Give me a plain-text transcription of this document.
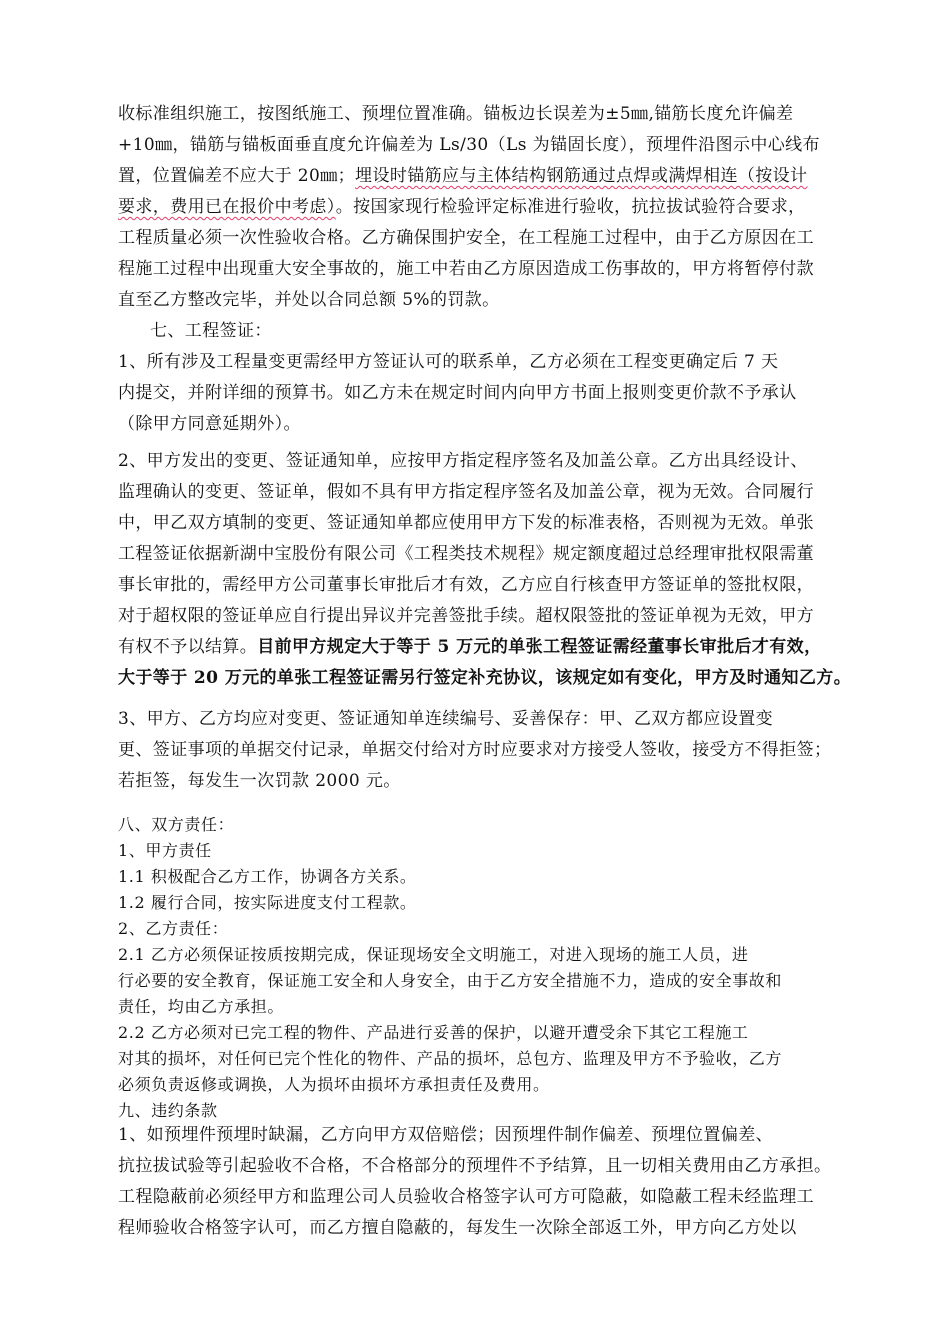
收标准组织施工，按图纸施工、预埋位置准确。锚板边长误差为±5㎜,锚筋长度允许偏差
+10㎜，锚筋与锚板面垂直度允许偏差为 Ls/30（Ls 为锚固长度），预埋件沿图示中心线布
置，位置偏差不应大于 20㎜；埋设时锚筋应与主体结构钢筋通过点焊或满焊相连（按设计
要求，费用已在报价中考虑）。按国家现行检验评定标准进行验收，抗拉拔试验符合要求，
工程质量必须一次性验收合格。乙方确保围护安全，在工程施工过程中，由于乙方原因在工
程施工过程中出现重大安全事故的，施工中若由乙方原因造成工伤事故的，甲方将暂停付款
直至乙方整改完毕，并处以合同总额 5%的罚款。
七、工程签证：
1、所有涉及工程量变更需经甲方签证认可的联系单，乙方必须在工程变更确定后 7 天
内提交，并附详细的预算书。如乙方未在规定时间内向甲方书面上报则变更价款不予承认
（除甲方同意延期外）。
2、甲方发出的变更、签证通知单，应按甲方指定程序签名及加盖公章。乙方出具经设计、
监理确认的变更、签证单，假如不具有甲方指定程序签名及加盖公章，视为无效。合同履行
中，甲乙双方填制的变更、签证通知单都应使用甲方下发的标准表格，否则视为无效。单张
工程签证依据新湖中宝股份有限公司《工程类技术规程》规定额度超过总经理审批权限需董
事长审批的，需经甲方公司董事长审批后才有效，乙方应自行核查甲方签证单的签批权限，
对于超权限的签证单应自行提出异议并完善签批手续。超权限签批的签证单视为无效，甲方
有权不予以结算。目前甲方规定大于等于 5 万元的单张工程签证需经董事长审批后才有效，
大于等于 20 万元的单张工程签证需另行签定补充协议，该规定如有变化，甲方及时通知乙方。
3、甲方、乙方均应对变更、签证通知单连续编号、妥善保存：甲、乙双方都应设置变
更、签证事项的单据交付记录，单据交付给对方时应要求对方接受人签收，接受方不得拒签；
若拒签，每发生一次罚款 2000 元。
八、双方责任：
1、甲方责任
1.1 积极配合乙方工作，协调各方关系。
1.2 履行合同，按实际进度支付工程款。
2、乙方责任：
2.1 乙方必须保证按质按期完成，保证现场安全文明施工，对进入现场的施工人员，进
行必要的安全教育，保证施工安全和人身安全，由于乙方安全措施不力，造成的安全事故和
责任，均由乙方承担。
2.2 乙方必须对已完工程的物件、产品进行妥善的保护，以避开遭受余下其它工程施工
对其的损坏，对任何已完个性化的物件、产品的损坏，总包方、监理及甲方不予验收，乙方
必须负责返修或调换，人为损坏由损坏方承担责任及费用。
九、违约条款
1、如预埋件预埋时缺漏，乙方向甲方双倍赔偿；因预埋件制作偏差、预埋位置偏差、
抗拉拔试验等引起验收不合格，不合格部分的预埋件不予结算，且一切相关费用由乙方承担。
工程隐蔽前必须经甲方和监理公司人员验收合格签字认可方可隐蔽，如隐蔽工程未经监理工
程师验收合格签字认可，而乙方擅自隐蔽的，每发生一次除全部返工外，甲方向乙方处以
